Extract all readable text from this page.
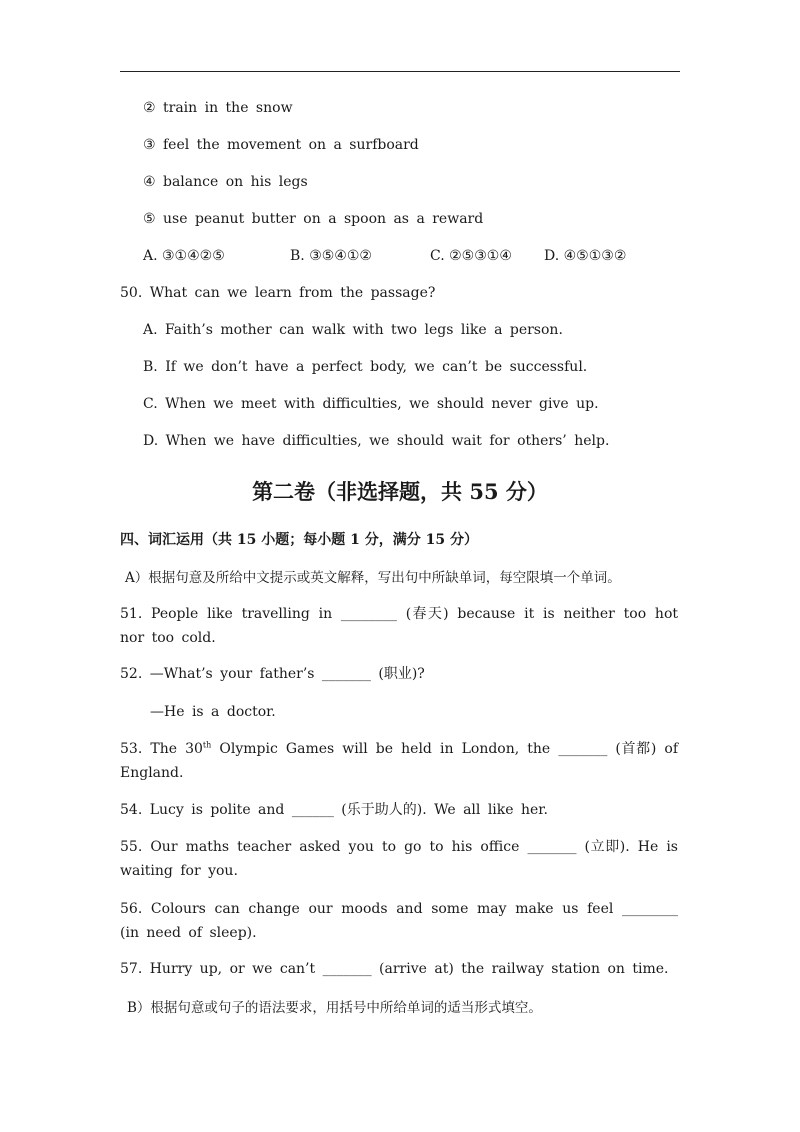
② train in the snow
③ feel the movement on a surfboard
④ balance on his legs
⑤ use peanut butter on a spoon as a reward
A. ③①④②⑤	B. ③⑤④①②	C. ②⑤③①④ D. ④⑤①③②
50. What can we learn from the passage?
A. Faith’s mother can walk with two legs like a person.
B. If we don’t have a perfect body, we can’t be successful.
C. When we meet with difficulties, we should never give up.
D. When we have difficulties, we should wait for others’ help.
第二卷（非选择题，共 55 分）
四、词汇运用（共 15 小题；每小题 1 分，满分 15 分）
A）根据句意及所给中文提示或英文解释，写出句中所缺单词，每空限填一个单词。
51. People like travelling in ________ (春天) because it is neither too hot nor too cold.
52. —What’s your father’s _______ (职业)?
—He is a doctor.
53. The 30th Olympic Games will be held in London, the _______ (首都) of England.
54. Lucy is polite and ______ (乐于助人的). We all like her.
55. Our maths teacher asked you to go to his office _______ (立即). He is waiting for you.
56. Colours can change our moods and some may make us feel ________ (in need of sleep).
57. Hurry up, or we can’t _______ (arrive at) the railway station on time.
B）根据句意或句子的语法要求，用括号中所给单词的适当形式填空。
